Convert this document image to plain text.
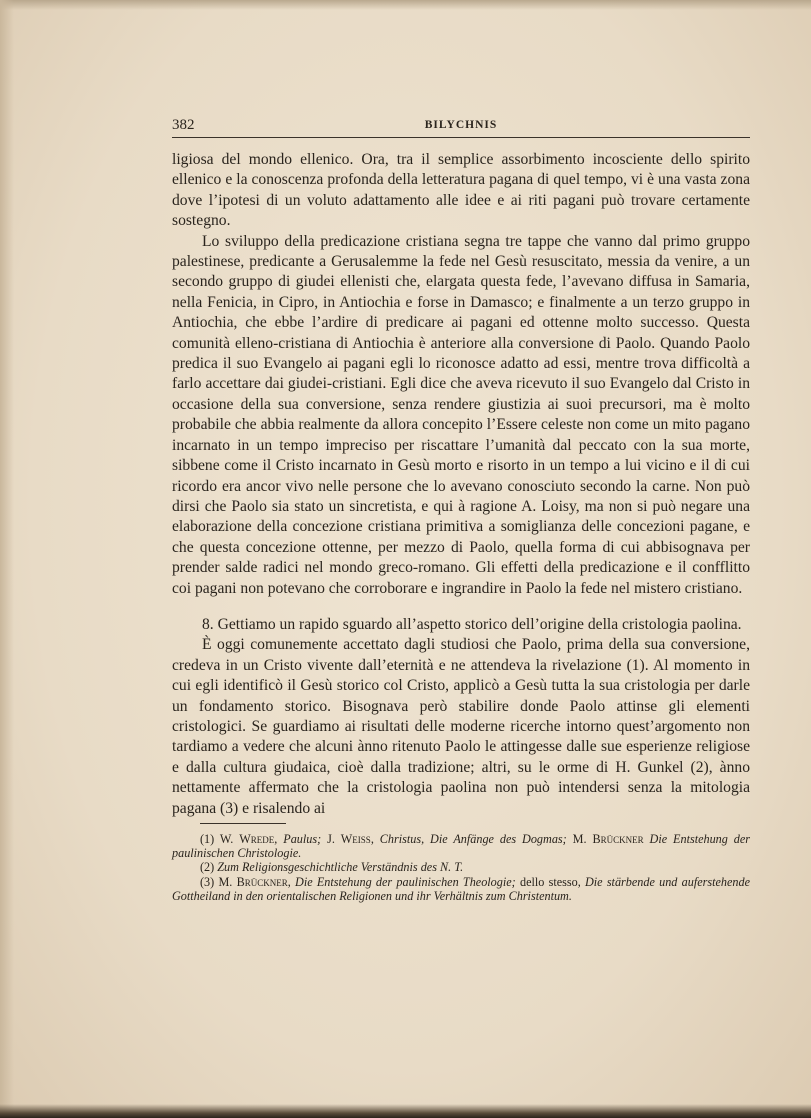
382	BILYCHNIS

ligiosa del mondo ellenico. Ora, tra il semplice assorbimento incosciente dello spirito ellenico e la conoscenza profonda della letteratura pagana di quel tempo, vi è una vasta zona dove l’ipotesi di un voluto adattamento alle idee e ai riti pagani può trovare certamente sostegno.

Lo sviluppo della predicazione cristiana segna tre tappe che vanno dal primo gruppo palestinese, predicante a Gerusalemme la fede nel Gesù resuscitato, messia da venire, a un secondo gruppo di giudei ellenisti che, elargata questa fede, l’avevano diffusa in Samaria, nella Fenicia, in Cipro, in Antiochia e forse in Damasco; e finalmente a un terzo gruppo in Antiochia, che ebbe l’ardire di predicare ai pagani ed ottenne molto successo. Questa comunità elleno-cristiana di Antiochia è anteriore alla conversione di Paolo. Quando Paolo predica il suo Evangelo ai pagani egli lo riconosce adatto ad essi, mentre trova difficoltà a farlo accettare dai giudei-cristiani. Egli dice che aveva ricevuto il suo Evangelo dal Cristo in occasione della sua conversione, senza rendere giustizia ai suoi precursori, ma è molto probabile che abbia realmente da allora concepito l’Essere celeste non come un mito pagano incarnato in un tempo impreciso per riscattare l’umanità dal peccato con la sua morte, sibbene come il Cristo incarnato in Gesù morto e risorto in un tempo a lui vicino e il di cui ricordo era ancor vivo nelle persone che lo avevano conosciuto secondo la carne. Non può dirsi che Paolo sia stato un sincretista, e qui à ragione A. Loisy, ma non si può negare una elaborazione della concezione cristiana primitiva a somiglianza delle concezioni pagane, e che questa concezione ottenne, per mezzo di Paolo, quella forma di cui abbisognava per prender salde radici nel mondo greco-romano. Gli effetti della predicazione e il confflitto coi pagani non potevano che corroborare e ingrandire in Paolo la fede nel mistero cristiano.

8. Gettiamo un rapido sguardo all’aspetto storico dell’origine della cristologia paolina.

È oggi comunemente accettato dagli studiosi che Paolo, prima della sua conversione, credeva in un Cristo vivente dall’eternità e ne attendeva la rivelazione (1). Al momento in cui egli identificò il Gesù storico col Cristo, applicò a Gesù tutta la sua cristologia per darle un fondamento storico. Bisognava però stabilire donde Paolo attinse gli elementi cristologici. Se guardiamo ai risultati delle moderne ricerche intorno quest’argomento non tardiamo a vedere che alcuni ànno ritenuto Paolo le attingesse dalle sue esperienze religiose e dalla cultura giudaica, cioè dalla tradizione; altri, su le orme di H. Gunkel (2), ànno nettamente affermato che la cristologia paolina non può intendersi senza la mitologia pagana (3) e risalendo ai

(1) W. Wrede, Paulus; J. Weiss, Christus, Die Anfänge des Dogmas; M. Brückner Die Entstehung der paulinischen Christologie.

(2) Zum Religionsgeschichtliche Verständnis des N. T.

(3) M. Brückner, Die Entstehung der paulinischen Theologie; dello stesso, Die stärbende und auferstehende Gottheiland in den orientalischen Religionen und ihr Verhältnis zum Christentum.
